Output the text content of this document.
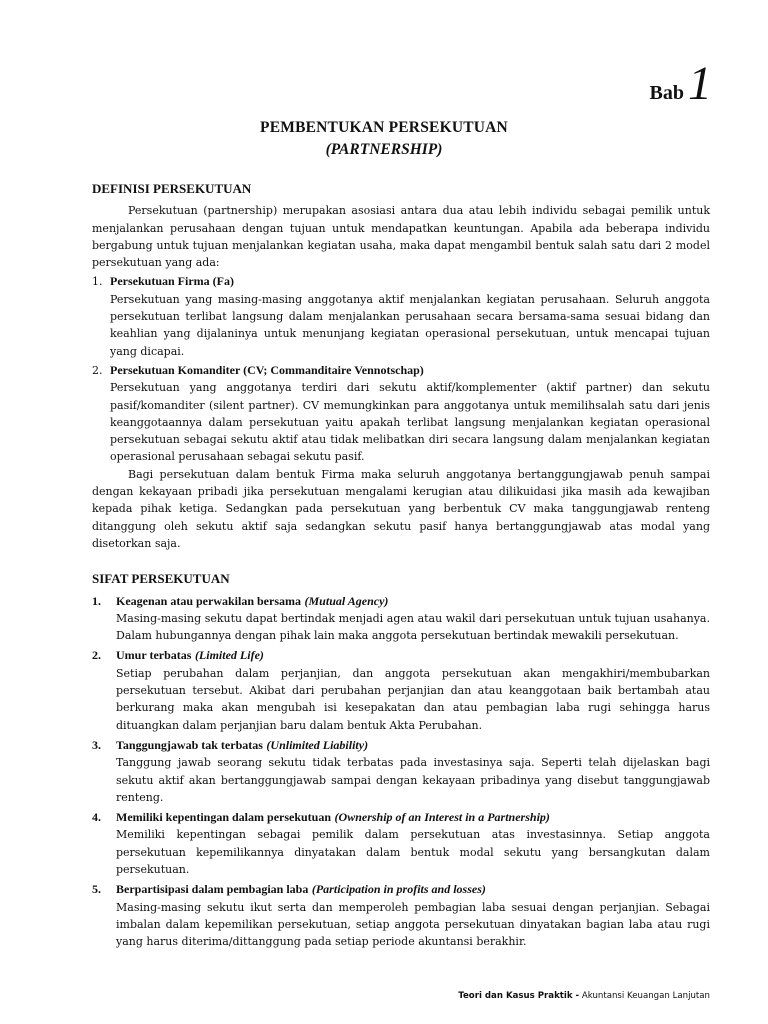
Bab 1
PEMBENTUKAN PERSEKUTUAN
(PARTNERSHIP)
DEFINISI PERSEKUTUAN

Persekutuan (partnership) merupakan asosiasi antara dua atau lebih individu sebagai pemilik untuk menjalankan perusahaan dengan tujuan untuk mendapatkan keuntungan. Apabila ada beberapa individu bergabung untuk tujuan menjalankan kegiatan usaha, maka dapat mengambil bentuk salah satu dari 2 model persekutuan yang ada:

1. Persekutuan Firma (Fa)

Persekutuan yang masing-masing anggotanya aktif menjalankan kegiatan perusahaan. Seluruh anggota persekutuan terlibat langsung dalam menjalankan perusahaan secara bersama-sama sesuai bidang dan keahlian yang dijalaninya untuk menunjang kegiatan operasional persekutuan, untuk mencapai tujuan yang dicapai.

2. Persekutuan Komanditer (CV; Commanditaire Vennotschap)

Persekutuan yang anggotanya terdiri dari sekutu aktif/komplementer (aktif partner) dan sekutu pasif/komanditer (silent partner). CV memungkinkan para anggotanya untuk memilihsalah satu dari jenis keanggotaannya dalam persekutuan yaitu apakah terlibat langsung menjalankan kegiatan operasional persekutuan sebagai sekutu aktif atau tidak melibatkan diri secara langsung dalam menjalankan kegiatan operasional perusahaan sebagai sekutu pasif.

Bagi persekutuan dalam bentuk Firma maka seluruh anggotanya bertanggungjawab penuh sampai dengan kekayaan pribadi jika persekutuan mengalami kerugian atau dilikuidasi jika masih ada kewajiban kepada pihak ketiga. Sedangkan pada persekutuan yang berbentuk CV maka tanggungjawab renteng ditanggung oleh sekutu aktif saja sedangkan sekutu pasif hanya bertanggungjawab atas modal yang disetorkan saja.

SIFAT PERSEKUTUAN
1. Keagenan atau perwakilan bersama (Mutual Agency)

Masing-masing sekutu dapat bertindak menjadi agen atau wakil dari persekutuan untuk tujuan usahanya. Dalam hubungannya dengan pihak lain maka anggota persekutuan bertindak mewakili persekutuan.

2. Umur terbatas (Limited Life)

Setiap perubahan dalam perjanjian, dan anggota persekutuan akan mengakhiri/membubarkan persekutuan tersebut. Akibat dari perubahan perjanjian dan atau keanggotaan baik bertambah atau berkurang maka akan mengubah isi kesepakatan dan atau pembagian laba rugi sehingga harus dituangkan dalam perjanjian baru dalam bentuk Akta Perubahan.

3. Tanggungjawab tak terbatas (Unlimited Liability)

Tanggung jawab seorang sekutu tidak terbatas pada investasinya saja. Seperti telah dijelaskan bagi sekutu aktif akan bertanggungjawab sampai dengan kekayaan pribadinya yang disebut tanggungjawab renteng.

4. Memiliki kepentingan dalam persekutuan (Ownership of an Interest in a Partnership)

Memiliki kepentingan sebagai pemilik dalam persekutuan atas investasinnya. Setiap anggota persekutuan kepemilikannya dinyatakan dalam bentuk modal sekutu yang bersangkutan dalam persekutuan.

5. Berpartisipasi dalam pembagian laba (Participation in profits and losses)

Masing-masing sekutu ikut serta dan memperoleh pembagian laba sesuai dengan perjanjian. Sebagai imbalan dalam kepemilikan persekutuan, setiap anggota persekutuan dinyatakan bagian laba atau rugi yang harus diterima/dittanggung pada setiap periode akuntansi berakhir.

Teori dan Kasus Praktik - Akuntansi Keuangan Lanjutan
